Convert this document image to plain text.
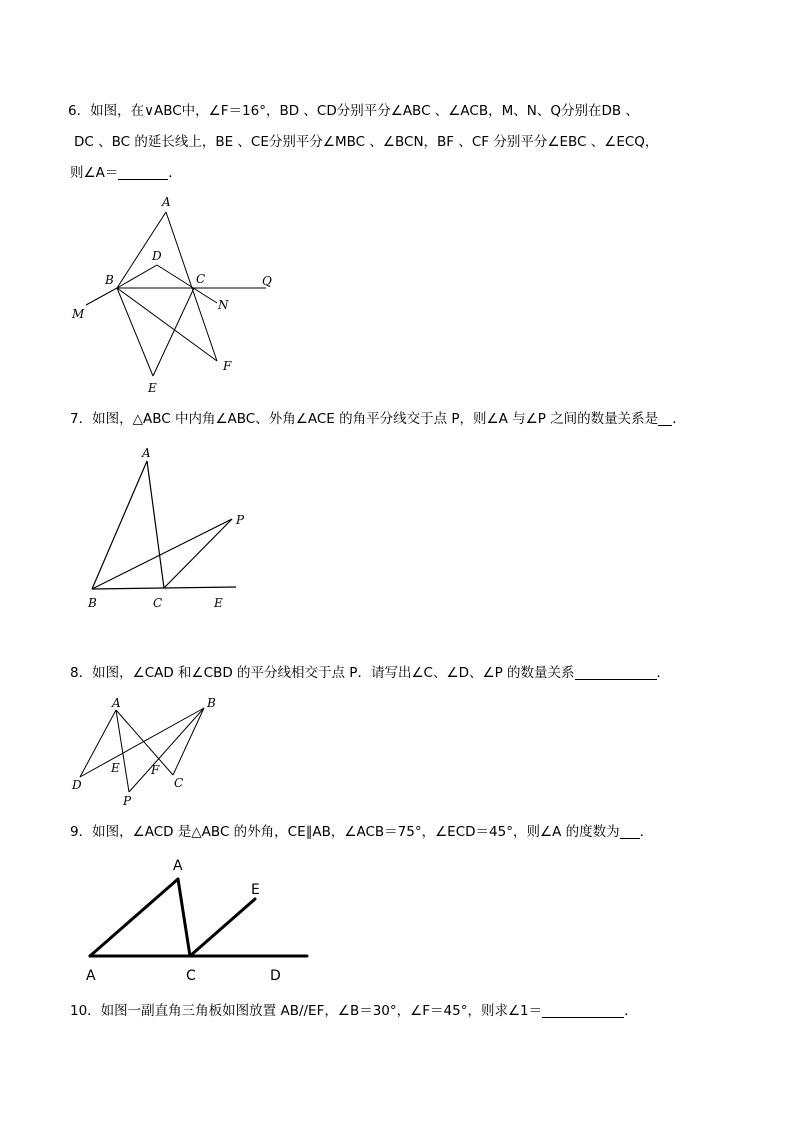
6．如图，在∨ABC中，∠F＝16°，BD 、CD分别平分∠ABC 、∠ACB，M、N、Q分别在DB 、
DC 、BC 的延长线上，BE 、CE分别平分∠MBC 、∠BCN，BF 、CF 分别平分∠EBC 、∠ECQ，
则∠A＝	．
A
B	C
D
E
F
M
N
Q
7．如图，△ABC 中内角∠ABC、外角∠ACE 的角平分线交于点 P，则∠A 与∠P 之间的数量关系是 ．
A
B	C	E
P
8．如图，∠CAD 和∠CBD 的平分线相交于点 P．请写出∠C、∠D、∠P 的数量关系	．
A	B
C
D
E	F
P
9．如图，∠ACD 是△ABC 的外角，CE∥AB，∠ACB＝75°，∠ECD＝45°，则∠A 的度数为 ．
A
A	C	D
E
10．如图一副直角三角板如图放置 AB//EF，∠B＝30°，∠F＝45°，则求∠1＝	．
